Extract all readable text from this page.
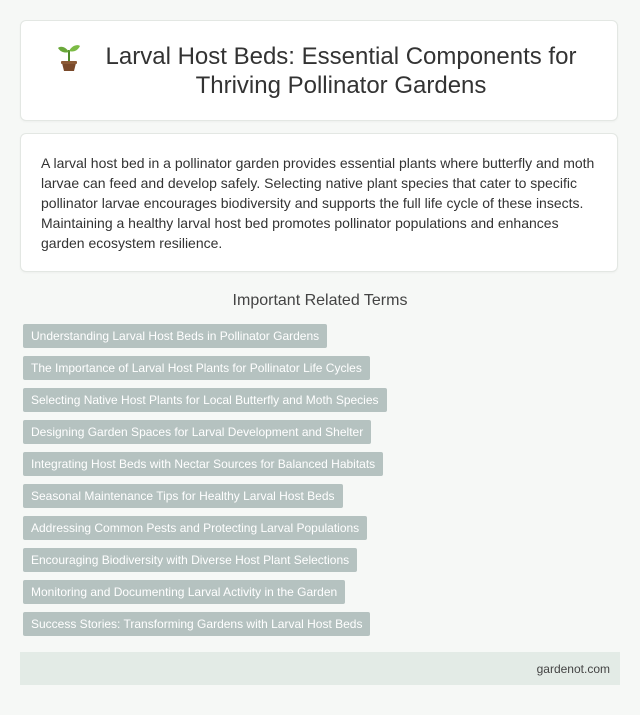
Larval Host Beds: Essential Components for Thriving Pollinator Gardens

A larval host bed in a pollinator garden provides essential plants where butterfly and moth larvae can feed and develop safely. Selecting native plant species that cater to specific pollinator larvae encourages biodiversity and supports the full life cycle of these insects. Maintaining a healthy larval host bed promotes pollinator populations and enhances garden ecosystem resilience.

Important Related Terms
Understanding Larval Host Beds in Pollinator Gardens
The Importance of Larval Host Plants for Pollinator Life Cycles
Selecting Native Host Plants for Local Butterfly and Moth Species
Designing Garden Spaces for Larval Development and Shelter
Integrating Host Beds with Nectar Sources for Balanced Habitats
Seasonal Maintenance Tips for Healthy Larval Host Beds
Addressing Common Pests and Protecting Larval Populations
Encouraging Biodiversity with Diverse Host Plant Selections
Monitoring and Documenting Larval Activity in the Garden
Success Stories: Transforming Gardens with Larval Host Beds
gardenot.com
